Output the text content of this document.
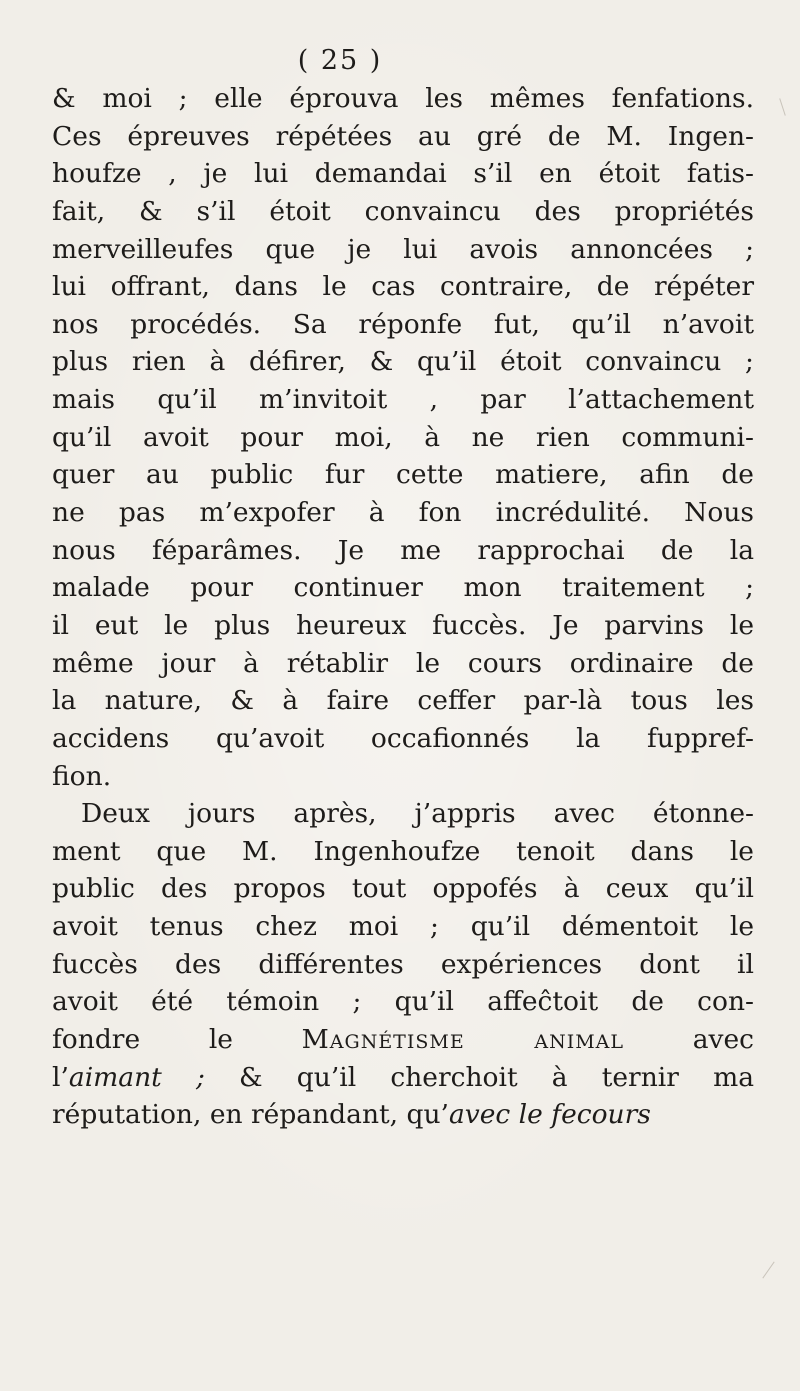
( 25 )
& moi ; elle éprouva les mêmes fenfations.
Ces épreuves répétées au gré de M. Ingen-
houfze , je lui demandai s’il en étoit fatis-
fait, & s’il étoit convaincu des propriétés
merveilleufes que je lui avois annoncées ;
lui offrant, dans le cas contraire, de répéter
nos procédés. Sa réponfe fut, qu’il n’avoit
plus rien à défirer, & qu’il étoit convaincu ;
mais qu’il m’invitoit , par l’attachement
qu’il avoit pour moi, à ne rien communi-
quer au public fur cette matiere, afin de
ne pas m’expofer à fon incrédulité. Nous
nous féparâmes. Je me rapprochai de la
malade pour continuer mon traitement ;
il eut le plus heureux fuccès. Je parvins le
même jour à rétablir le cours ordinaire de
la nature, & à faire ceffer par-là tous les
accidens qu’avoit occafionnés la fuppref-
fion.
Deux jours après, j’appris avec étonne-
ment que M. Ingenhoufze tenoit dans le
public des propos tout oppofés à ceux qu’il
avoit tenus chez moi ; qu’il démentoit le
fuccès des différentes expériences dont il
avoit été témoin ; qu’il affeĉtoit de con-
fondre le Magnétisme animal avec
l’aimant ; & qu’il cherchoit à ternir ma
réputation, en répandant, qu’avec le fecours
